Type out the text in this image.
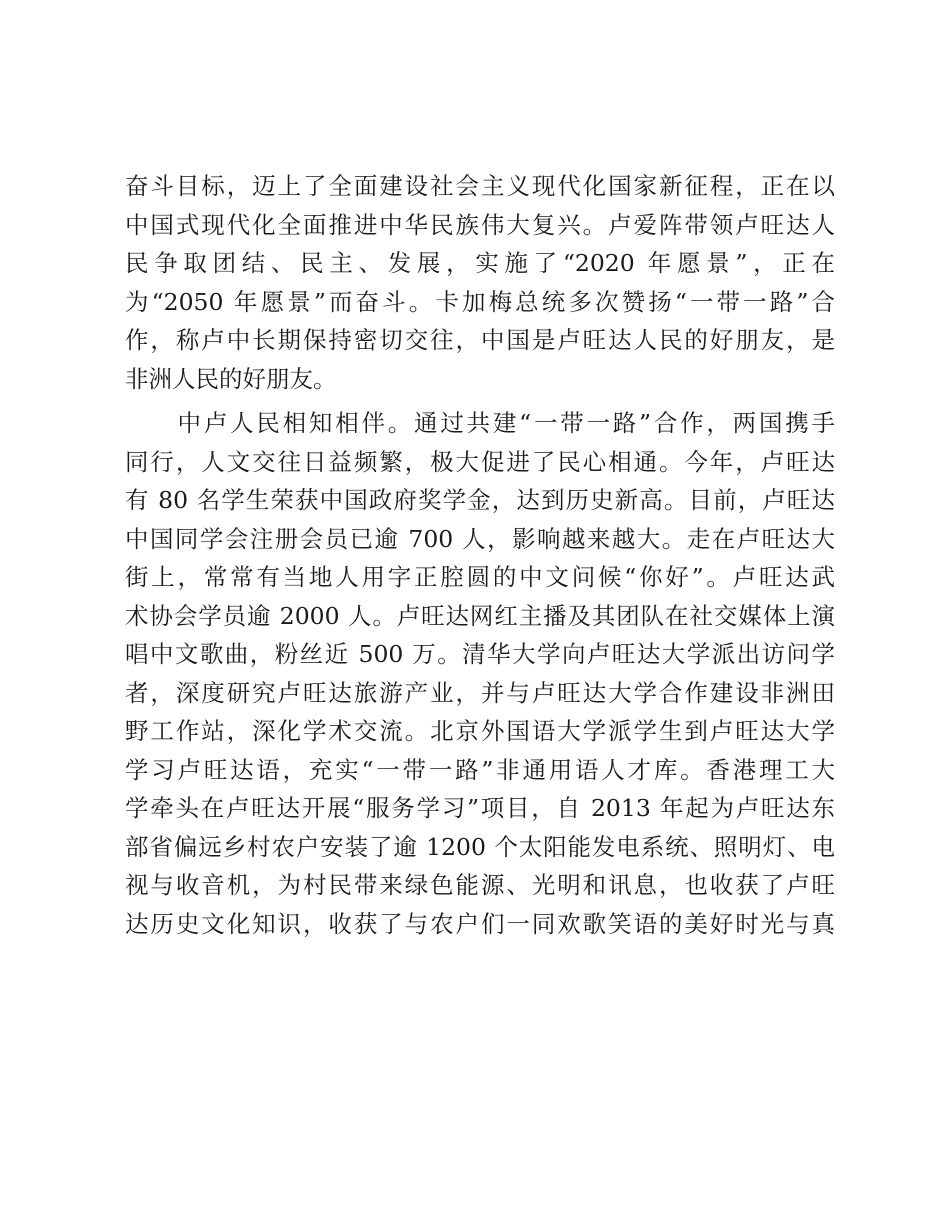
奋斗目标，迈上了全面建设社会主义现代化国家新征程，正在以
中国式现代化全面推进中华民族伟大复兴。卢爱阵带领卢旺达人
民争取团结、民主、发展，实施了“2020 年愿景”，正在
为“2050 年愿景”而奋斗。卡加梅总统多次赞扬“一带一路”合
作，称卢中长期保持密切交往，中国是卢旺达人民的好朋友，是
非洲人民的好朋友。
　　中卢人民相知相伴。通过共建“一带一路”合作，两国携手
同行，人文交往日益频繁，极大促进了民心相通。今年，卢旺达
有 80 名学生荣获中国政府奖学金，达到历史新高。目前，卢旺达
中国同学会注册会员已逾 700 人，影响越来越大。走在卢旺达大
街上，常常有当地人用字正腔圆的中文问候“你好”。卢旺达武
术协会学员逾 2000 人。卢旺达网红主播及其团队在社交媒体上演
唱中文歌曲，粉丝近 500 万。清华大学向卢旺达大学派出访问学
者，深度研究卢旺达旅游产业，并与卢旺达大学合作建设非洲田
野工作站，深化学术交流。北京外国语大学派学生到卢旺达大学
学习卢旺达语，充实“一带一路”非通用语人才库。香港理工大
学牵头在卢旺达开展“服务学习”项目，自 2013 年起为卢旺达东
部省偏远乡村农户安装了逾 1200 个太阳能发电系统、照明灯、电
视与收音机，为村民带来绿色能源、光明和讯息，也收获了卢旺
达历史文化知识，收获了与农户们一同欢歌笑语的美好时光与真
